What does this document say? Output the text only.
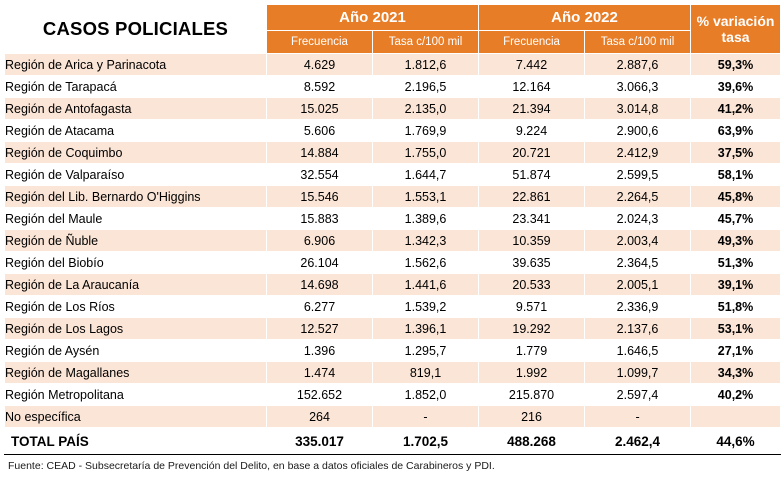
CASOS POLICIALES	Año 2021		Año 2022		% variación tasa
	Frecuencia	Tasa c/100 mil	Frecuencia	Tasa c/100 mil	
Región de Arica y Parinacota	4.629	1.812,6	7.442	2.887,6	59,3%
Región de Tarapacá	8.592	2.196,5	12.164	3.066,3	39,6%
Región de Antofagasta	15.025	2.135,0	21.394	3.014,8	41,2%
Región de Atacama	5.606	1.769,9	9.224	2.900,6	63,9%
Región de Coquimbo	14.884	1.755,0	20.721	2.412,9	37,5%
Región de Valparaíso	32.554	1.644,7	51.874	2.599,5	58,1%
Región del Lib. Bernardo O'Higgins	15.546	1.553,1	22.861	2.264,5	45,8%
Región del Maule	15.883	1.389,6	23.341	2.024,3	45,7%
Región de Ñuble	6.906	1.342,3	10.359	2.003,4	49,3%
Región del Biobío	26.104	1.562,6	39.635	2.364,5	51,3%
Región de La Araucanía	14.698	1.441,6	20.533	2.005,1	39,1%
Región de Los Ríos	6.277	1.539,2	9.571	2.336,9	51,8%
Región de Los Lagos	12.527	1.396,1	19.292	2.137,6	53,1%
Región de Aysén	1.396	1.295,7	1.779	1.646,5	27,1%
Región de Magallanes	1.474	819,1	1.992	1.099,7	34,3%
Región Metropolitana	152.652	1.852,0	215.870	2.597,4	40,2%
No específica	264	-	216	-	
TOTAL PAÍS	335.017	1.702,5	488.268	2.462,4	44,6%
Fuente: CEAD - Subsecretaría de Prevención del Delito, en base a datos oficiales de Carabineros y PDI.
